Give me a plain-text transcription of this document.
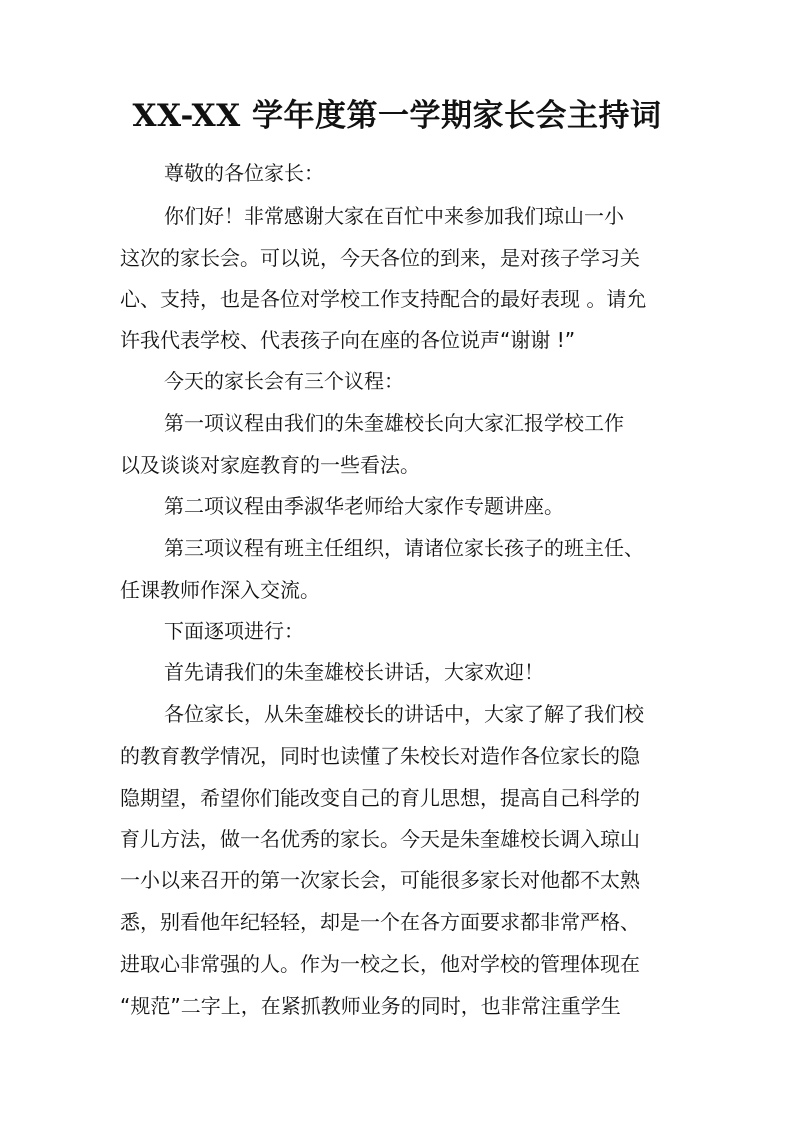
XX-XX 学年度第一学期家长会主持词

尊敬的各位家长：

你们好！非常感谢大家在百忙中来参加我们琼山一小

这次的家长会。可以说，今天各位的到来，是对孩子学习关

心、支持，也是各位对学校工作支持配合的最好表现 。请允

许我代表学校、代表孩子向在座的各位说声“谢谢 !”

今天的家长会有三个议程：

第一项议程由我们的朱奎雄校长向大家汇报学校工作

以及谈谈对家庭教育的一些看法。

第二项议程由季淑华老师给大家作专题讲座。

第三项议程有班主任组织，请诸位家长孩子的班主任、

任课教师作深入交流。

下面逐项进行：

首先请我们的朱奎雄校长讲话，大家欢迎！

各位家长，从朱奎雄校长的讲话中，大家了解了我们校

的教育教学情况，同时也读懂了朱校长对造作各位家长的隐

隐期望，希望你们能改变自己的育儿思想，提高自己科学的

育儿方法，做一名优秀的家长。今天是朱奎雄校长调入琼山

一小以来召开的第一次家长会，可能很多家长对他都不太熟

悉，别看他年纪轻轻，却是一个在各方面要求都非常严格、

进取心非常强的人。作为一校之长，他对学校的管理体现在

“规范”二字上，在紧抓教师业务的同时，也非常注重学生
